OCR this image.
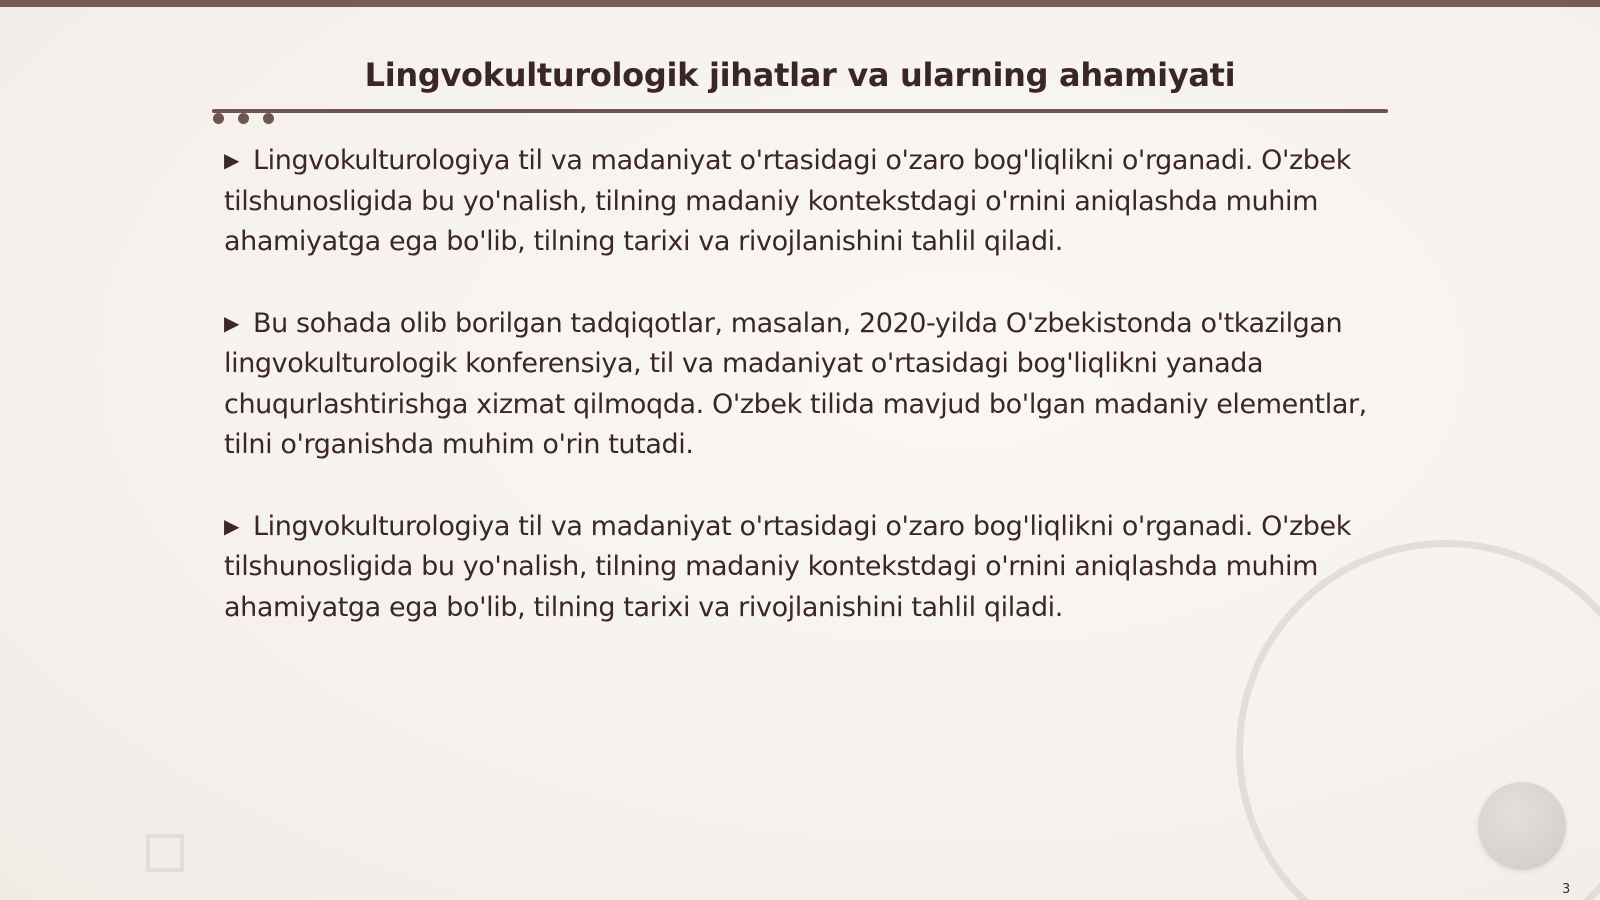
Lingvokulturologik jihatlar va ularning ahamiyati

▶ Lingvokulturologiya til va madaniyat o'rtasidagi o'zaro bog'liqlikni o'rganadi. O'zbek tilshunosligida bu yo'nalish, tilning madaniy kontekstdagi o'rnini aniqlashda muhim ahamiyatga ega bo'lib, tilning tarixi va rivojlanishini tahlil qiladi.

▶ Bu sohada olib borilgan tadqiqotlar, masalan, 2020-yilda O'zbekistonda o'tkazilgan lingvokulturologik konferensiya, til va madaniyat o'rtasidagi bog'liqlikni yanada chuqurlashtirishga xizmat qilmoqda. O'zbek tilida mavjud bo'lgan madaniy elementlar, tilni o'rganishda muhim o'rin tutadi.

▶ Lingvokulturologiya til va madaniyat o'rtasidagi o'zaro bog'liqlikni o'rganadi. O'zbek tilshunosligida bu yo'nalish, tilning madaniy kontekstdagi o'rnini aniqlashda muhim ahamiyatga ega bo'lib, tilning tarixi va rivojlanishini tahlil qiladi.

3
